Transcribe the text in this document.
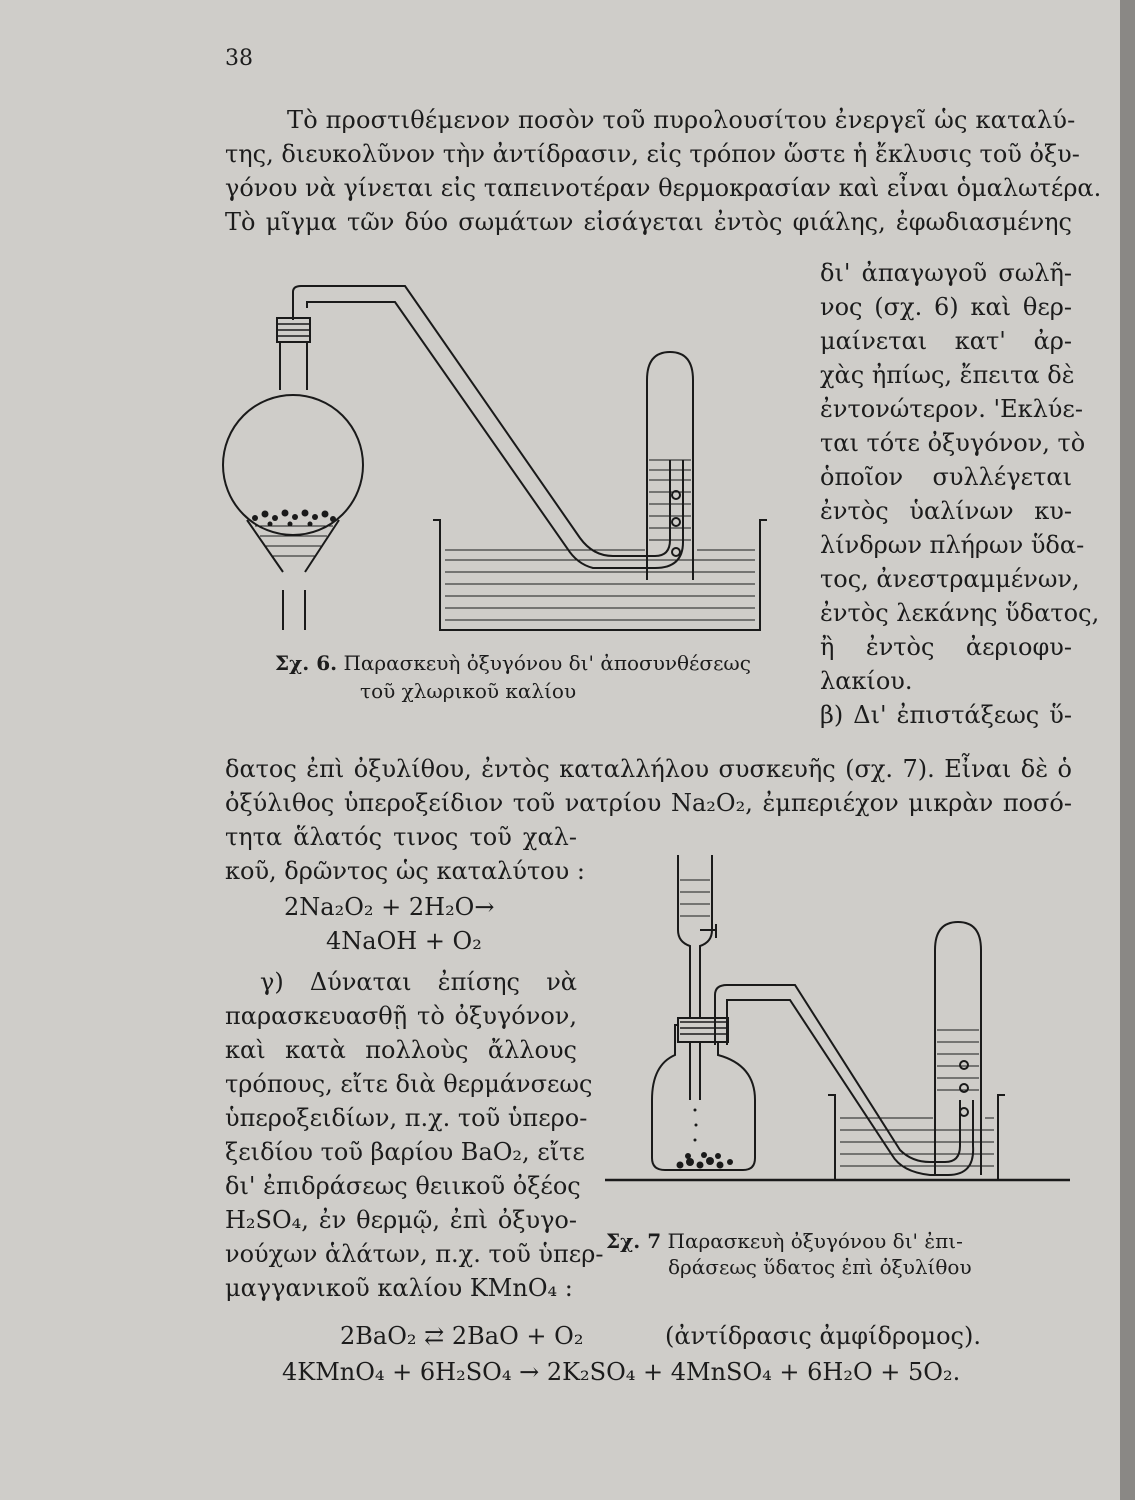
38
Τὸ προστιθέμενον ποσὸν τοῦ πυρολουσίτου ἐνεργεῖ ὡς καταλύ-
της, διευκολῦνον τὴν ἀντίδρασιν, εἰς τρόπον ὥστε ἡ ἔκλυσις τοῦ ὀξυ-
γόνου νὰ γίνεται εἰς ταπεινοτέραν θερμοκρασίαν καὶ εἶναι ὁμαλωτέρα.
Τὸ μῖγμα τῶν δύο σωμάτων εἰσάγεται ἐντὸς φιάλης, ἐφωδιασμένης
δι' ἀπαγωγοῦ σωλῆ-
νος (σχ. 6) καὶ θερ-
μαίνεται κατ' ἀρ-
χὰς ἠπίως, ἔπειτα δὲ
ἐντονώτερον. 'Εκλύε-
ται τότε ὀξυγόνον, τὸ
ὁποῖον συλλέγεται
ἐντὸς ὑαλίνων κυ-
λίνδρων πλήρων ὕδα-
τος, ἀνεστραμμένων,
ἐντὸς λεκάνης ὕδατος,
ἢ ἐντὸς ἀεριοφυ-
λακίου.
β) Δι' ἐπιστάξεως ὕ-
Σχ. 6. Παρασκευὴ ὀξυγόνου δι' ἀποσυνθέσεως
τοῦ χλωρικοῦ καλίου
δατος ἐπὶ ὀξυλίθου, ἐντὸς καταλλήλου συσκευῆς (σχ. 7). Εἶναι δὲ ὁ
ὀξύλιθος ὑπεροξείδιον τοῦ νατρίου Na₂O₂, ἐμπεριέχον μικρὰν ποσό-
τητα ἅλατός τινος τοῦ χαλ-
κοῦ, δρῶντος ὡς καταλύτου :
2Na₂O₂ + 2H₂O→
4NaOH + O₂
γ) Δύναται ἐπίσης νὰ
παρασκευασθῇ τὸ ὀξυγόνον,
καὶ κατὰ πολλοὺς ἄλλους
τρόπους, εἴτε διὰ θερμάνσεως
ὑπεροξειδίων, π.χ. τοῦ ὑπερο-
ξειδίου τοῦ βαρίου BaO₂, εἴτε
δι' ἐπιδράσεως θειικοῦ ὀξέος
H₂SO₄, ἐν θερμῷ, ἐπὶ ὀξυγο-
νούχων ἁλάτων, π.χ. τοῦ ὑπερ-
μαγγανικοῦ καλίου KMnO₄ :
Σχ. 7 Παρασκευὴ ὀξυγόνου δι' ἐπι-
δράσεως ὕδατος ἐπὶ ὀξυλίθου
2BaO₂ ⇄ 2BaO + O₂	(ἀντίδρασις ἀμφίδρομος).
4KMnO₄ + 6H₂SO₄ → 2K₂SO₄ + 4MnSO₄ + 6H₂O + 5O₂.
